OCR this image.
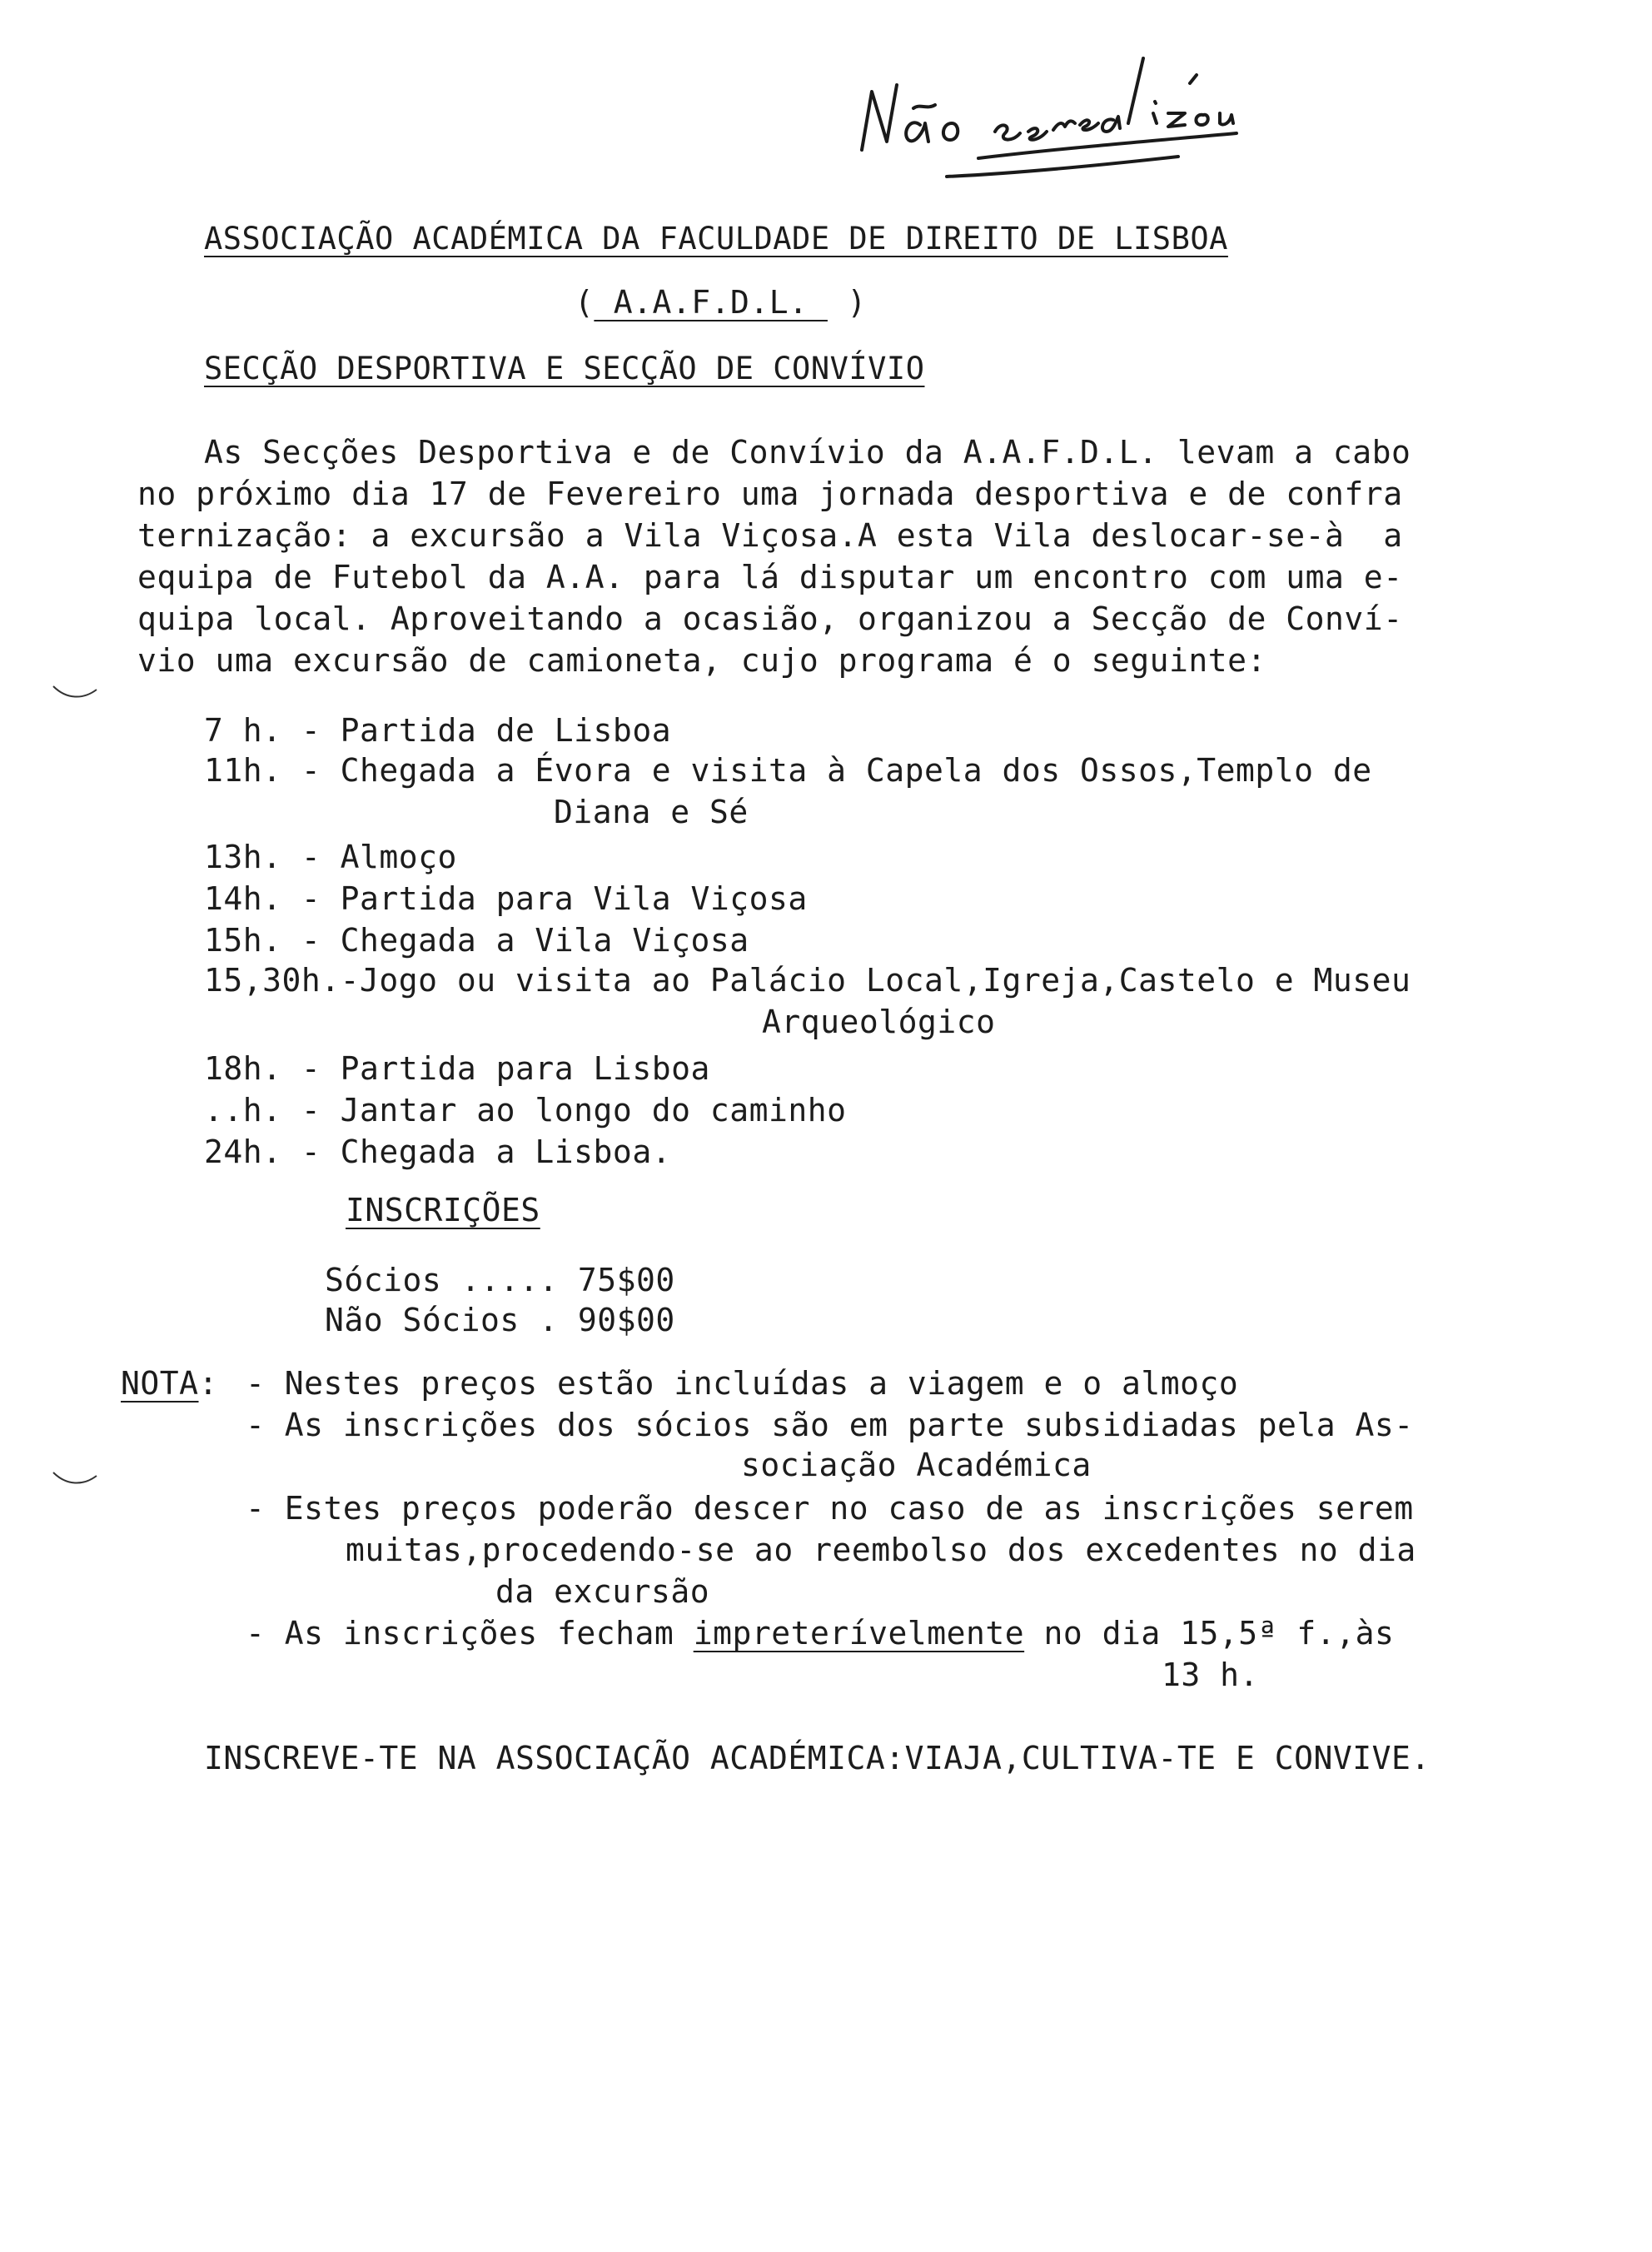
ASSOCIAÇÃO ACADÉMICA DA FACULDADE DE DIREITO DE LISBOA
( A.A.F.D.L.  )
SECÇÃO DESPORTIVA E SECÇÃO DE CONVÍVIO
As Secções Desportiva e de Convívio da A.A.F.D.L. levam a cabo
no próximo dia 17 de Fevereiro uma jornada desportiva e de confra
ternização: a excursão a Vila Viçosa.A esta Vila deslocar-se-à  a
equipa de Futebol da A.A. para lá disputar um encontro com uma e-
quipa local. Aproveitando a ocasião, organizou a Secção de Conví-
vio uma excursão de camioneta, cujo programa é o seguinte:
7 h. - Partida de Lisboa
11h. - Chegada a Évora e visita à Capela dos Ossos,Templo de
Diana e Sé
13h. - Almoço
14h. - Partida para Vila Viçosa
15h. - Chegada a Vila Viçosa
15,30h.-Jogo ou visita ao Palácio Local,Igreja,Castelo e Museu
Arqueológico
18h. - Partida para Lisboa
..h. - Jantar ao longo do caminho
24h. - Chegada a Lisboa.
INSCRIÇÕES
Sócios ..... 75$00
Não Sócios . 90$00
NOTA: - Nestes preços estão incluídas a viagem e o almoço
- As inscrições dos sócios são em parte subsidiadas pela As-
sociação Académica
- Estes preços poderão descer no caso de as inscrições serem
muitas,procedendo-se ao reembolso dos excedentes no dia
da excursão
- As inscrições fecham impreterívelmente no dia 15,5ª f.,às
13 h.
INSCREVE-TE NA ASSOCIAÇÃO ACADÉMICA:VIAJA,CULTIVA-TE E CONVIVE.
